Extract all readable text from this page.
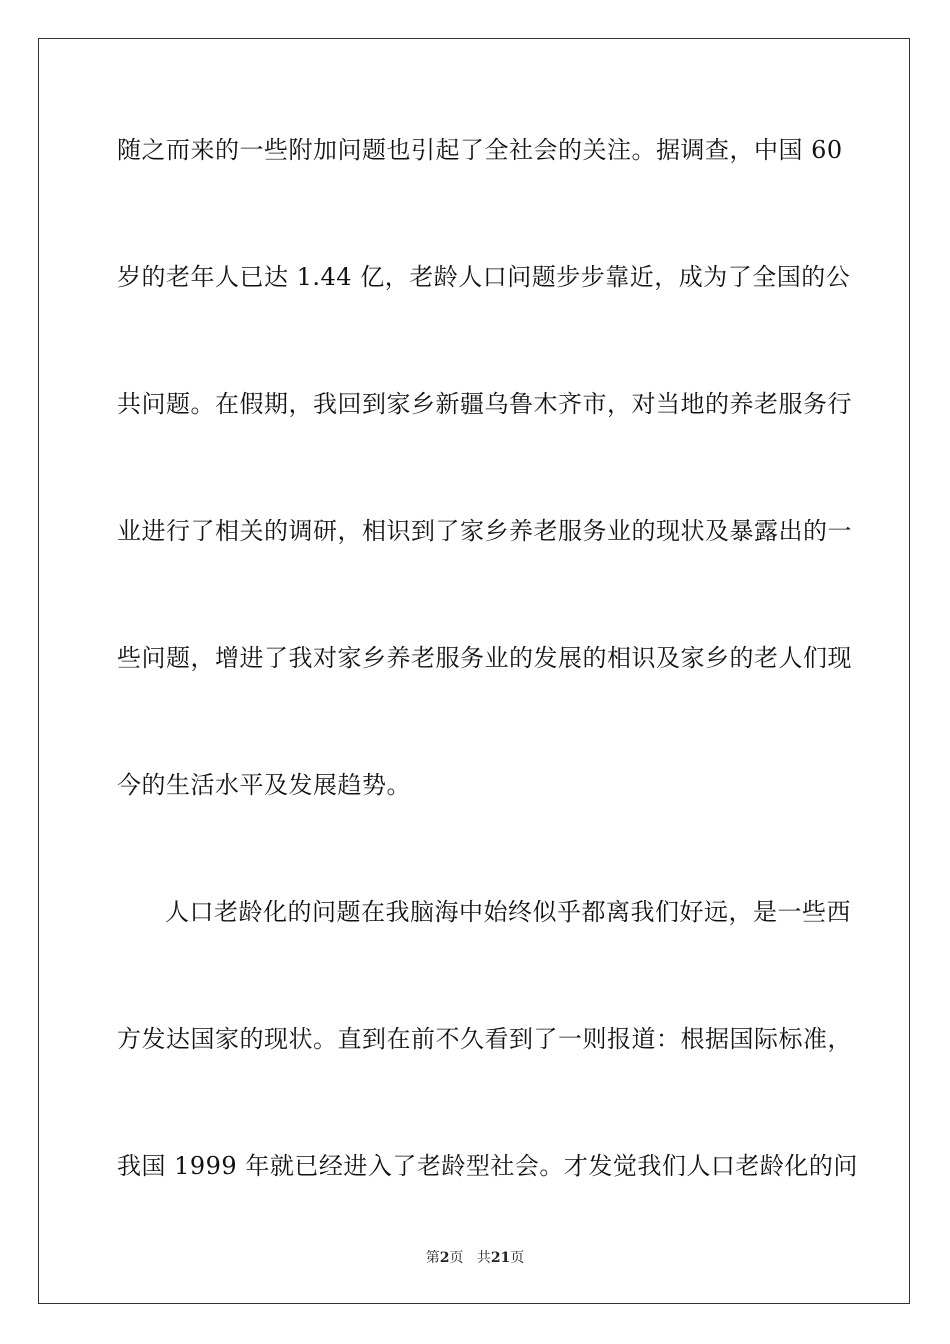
随之而来的一些附加问题也引起了全社会的关注。据调查，中国 60
岁的老年人已达 1.44 亿，老龄人口问题步步靠近，成为了全国的公
共问题。在假期，我回到家乡新疆乌鲁木齐市，对当地的养老服务行
业进行了相关的调研，相识到了家乡养老服务业的现状及暴露出的一
些问题，增进了我对家乡养老服务业的发展的相识及家乡的老人们现
今的生活水平及发展趋势。
人口老龄化的问题在我脑海中始终似乎都离我们好远，是一些西
方发达国家的现状。直到在前不久看到了一则报道：根据国际标准，
我国 1999 年就已经进入了老龄型社会。才发觉我们人口老龄化的问
第2页 共21页
